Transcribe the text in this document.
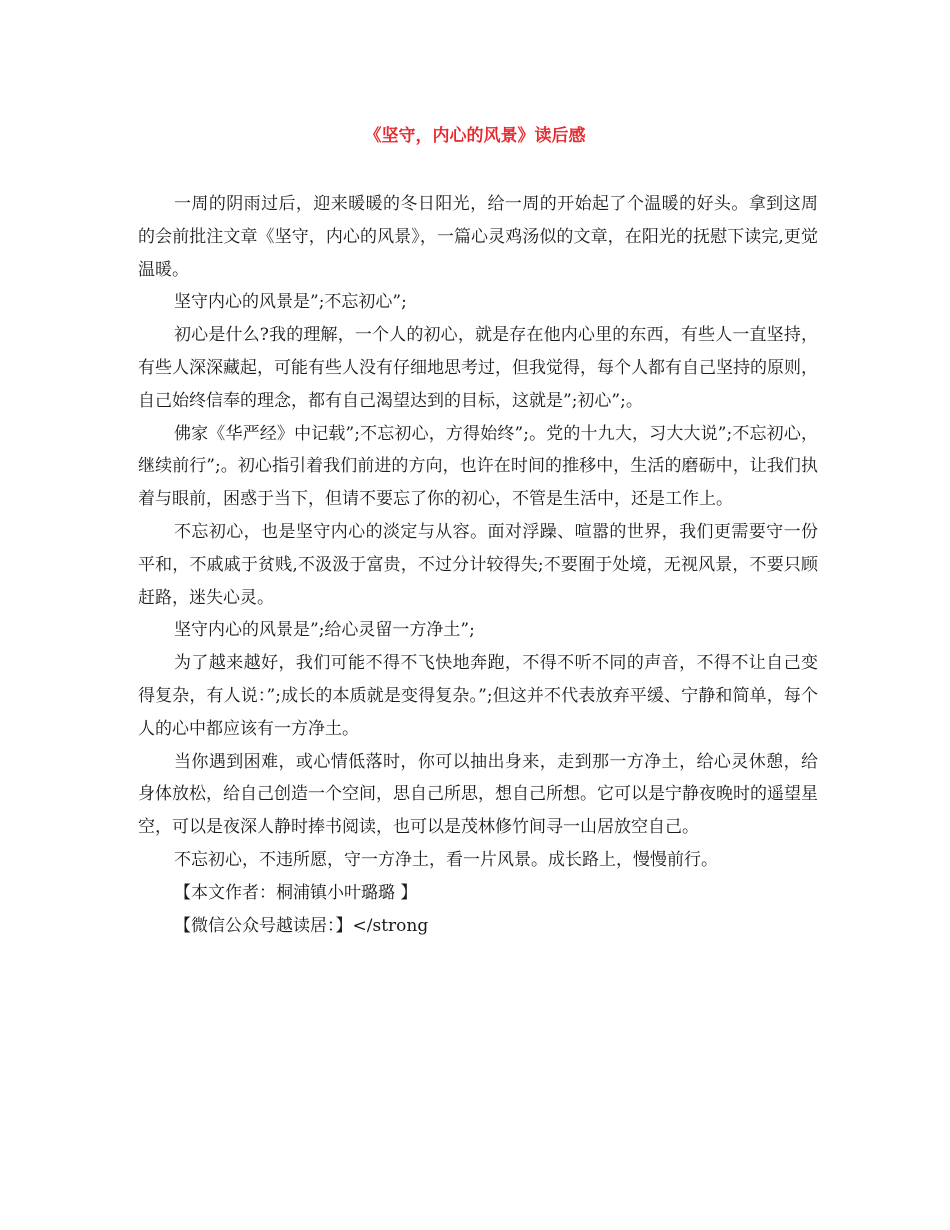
《坚守，内心的风景》读后感

一周的阴雨过后，迎来暖暖的冬日阳光，给一周的开始起了个温暖的好头。拿到这周的会前批注文章《坚守，内心的风景》，一篇心灵鸡汤似的文章，在阳光的抚慰下读完,更觉温暖。

坚守内心的风景是”;不忘初心”;

初心是什么?我的理解，一个人的初心，就是存在他内心里的东西，有些人一直坚持，有些人深深藏起，可能有些人没有仔细地思考过，但我觉得，每个人都有自己坚持的原则，自己始终信奉的理念，都有自己渴望达到的目标，这就是”;初心”;。

佛家《华严经》中记载”;不忘初心，方得始终”;。党的十九大，习大大说”;不忘初心，继续前行”;。初心指引着我们前进的方向，也许在时间的推移中，生活的磨砺中，让我们执着与眼前，困惑于当下，但请不要忘了你的初心，不管是生活中，还是工作上。

不忘初心，也是坚守内心的淡定与从容。面对浮躁、喧嚣的世界，我们更需要守一份平和，不戚戚于贫贱,不汲汲于富贵，不过分计较得失;不要囿于处境，无视风景，不要只顾赶路，迷失心灵。

坚守内心的风景是”;给心灵留一方净土”;

为了越来越好，我们可能不得不飞快地奔跑，不得不听不同的声音，不得不让自己变得复杂，有人说：”;成长的本质就是变得复杂。”;但这并不代表放弃平缓、宁静和简单，每个人的心中都应该有一方净土。

当你遇到困难，或心情低落时，你可以抽出身来，走到那一方净土，给心灵休憩，给身体放松，给自己创造一个空间，思自己所思，想自己所想。它可以是宁静夜晚时的遥望星空，可以是夜深人静时捧书阅读，也可以是茂林修竹间寻一山居放空自己。

不忘初心，不违所愿，守一方净土，看一片风景。成长路上，慢慢前行。

【本文作者：桐浦镇小叶璐璐 】

【微信公众号越读居：】</strong
